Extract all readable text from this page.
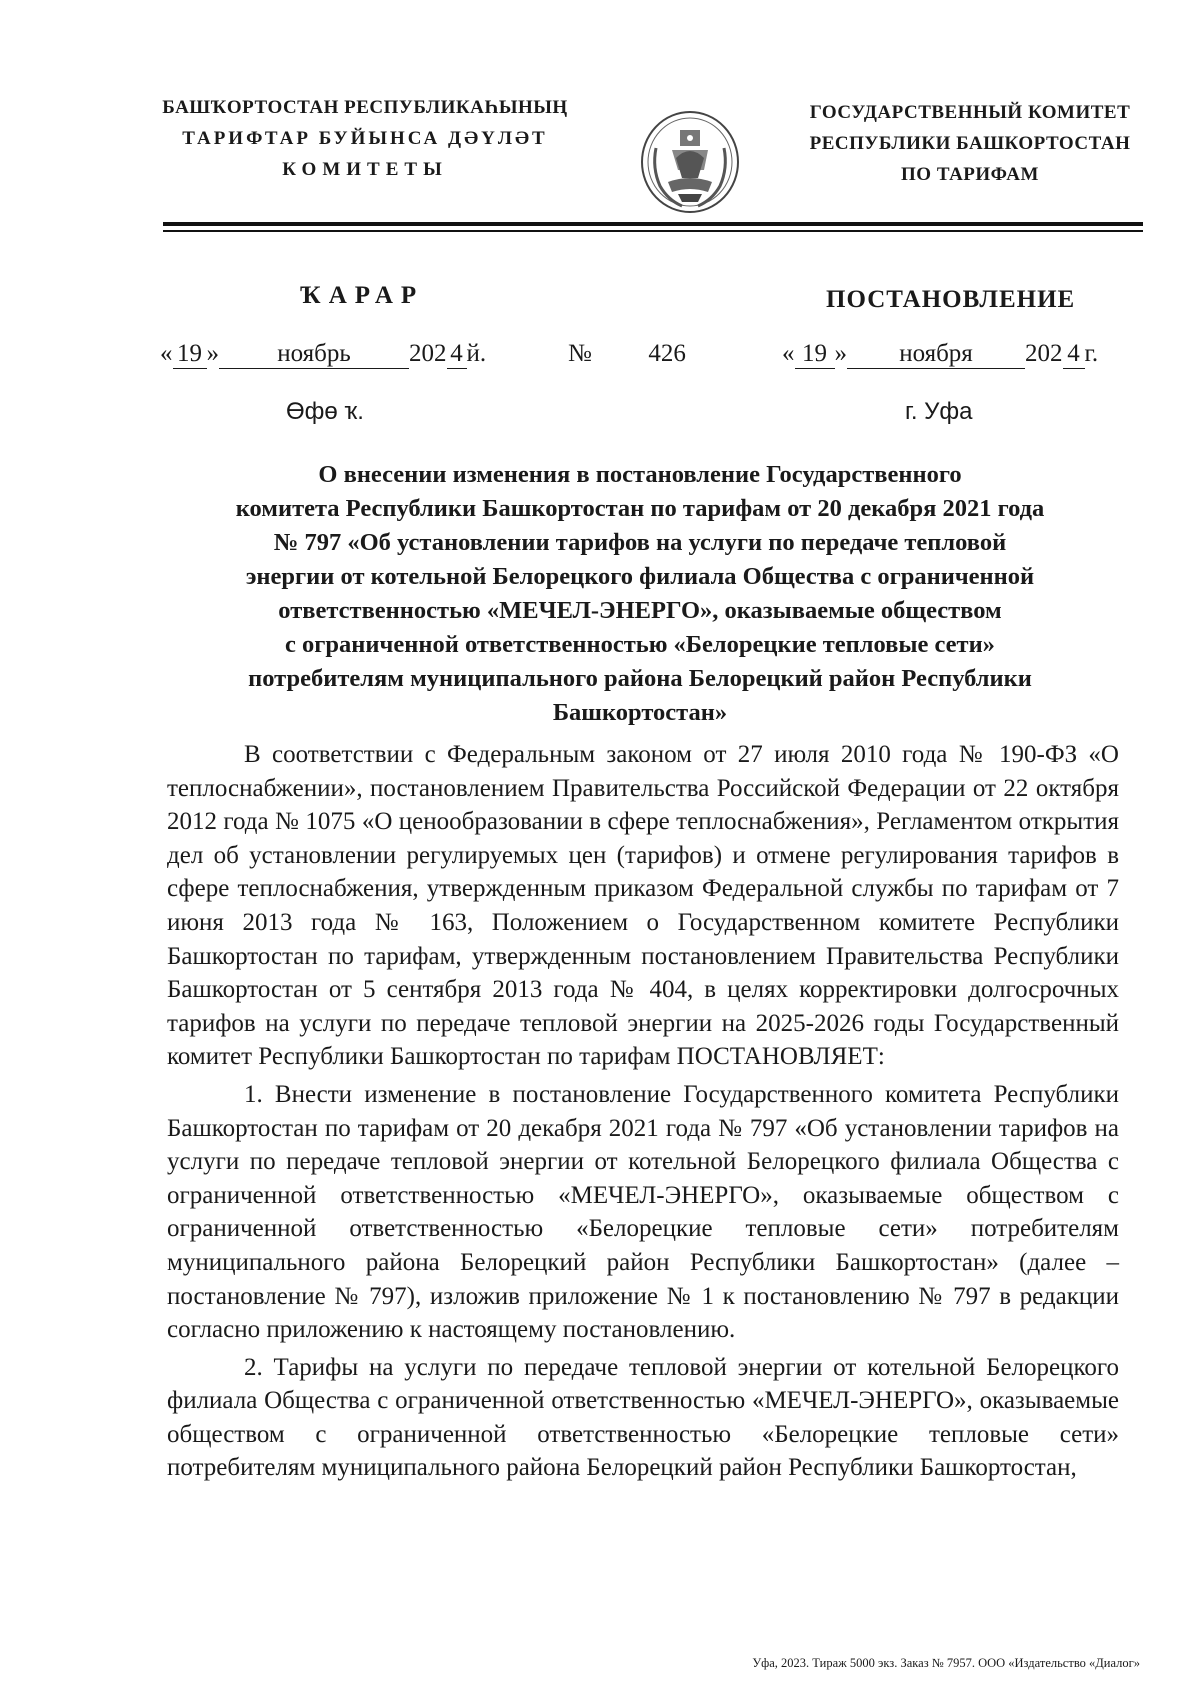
БАШҠОРТОСТАН РЕСПУБЛИКАҺЫНЫҢ
ТАРИФТАР БУЙЫНСА ДӘҮЛӘТ
КОМИТЕТЫ
ГОСУДАРСТВЕННЫЙ КОМИТЕТ
РЕСПУБЛИКИ БАШКОРТОСТАН
ПО ТАРИФАМ
ҠАРАР	ПОСТАНОВЛЕНИЕ
« 19 » ноябрь 202 4 й.	№ 426	« 19 » ноября 202 4 г.
Өфө ҡ.	г. Уфа
О внесении изменения в постановление Государственного
комитета Республики Башкортостан по тарифам от 20 декабря 2021 года
№ 797 «Об установлении тарифов на услуги по передаче тепловой
энергии от котельной Белорецкого филиала Общества с ограниченной
ответственностью «МЕЧЕЛ-ЭНЕРГО», оказываемые обществом
с ограниченной ответственностью «Белорецкие тепловые сети»
потребителям муниципального района Белорецкий район Республики
Башкортостан»

В соответствии с Федеральным законом от 27 июля 2010 года № 190-ФЗ «О теплоснабжении», постановлением Правительства Российской Федерации от 22 октября 2012 года № 1075 «О ценообразовании в сфере теплоснабжения», Регламентом открытия дел об установлении регулируемых цен (тарифов) и отмене регулирования тарифов в сфере теплоснабжения, утвержденным приказом Федеральной службы по тарифам от 7 июня 2013 года № 163, Положением о Государственном комитете Республики Башкортостан по тарифам, утвержденным постановлением Правительства Республики Башкортостан от 5 сентября 2013 года № 404, в целях корректировки долгосрочных тарифов на услуги по передаче тепловой энергии на 2025-2026 годы Государственный комитет Республики Башкортостан по тарифам ПОСТАНОВЛЯЕТ:

1. Внести изменение в постановление Государственного комитета Республики Башкортостан по тарифам от 20 декабря 2021 года № 797 «Об установлении тарифов на услуги по передаче тепловой энергии от котельной Белорецкого филиала Общества с ограниченной ответственностью «МЕЧЕЛ-ЭНЕРГО», оказываемые обществом с ограниченной ответственностью «Белорецкие тепловые сети» потребителям муниципального района Белорецкий район Республики Башкортостан» (далее – постановление № 797), изложив приложение № 1 к постановлению № 797 в редакции согласно приложению к настоящему постановлению.

2. Тарифы на услуги по передаче тепловой энергии от котельной Белорецкого филиала Общества с ограниченной ответственностью «МЕЧЕЛ-ЭНЕРГО», оказываемые обществом с ограниченной ответственностью «Белорецкие тепловые сети» потребителям муниципального района Белорецкий район Республики Башкортостан,

Уфа, 2023. Тираж 5000 экз. Заказ № 7957. ООО «Издательство «Диалог»
